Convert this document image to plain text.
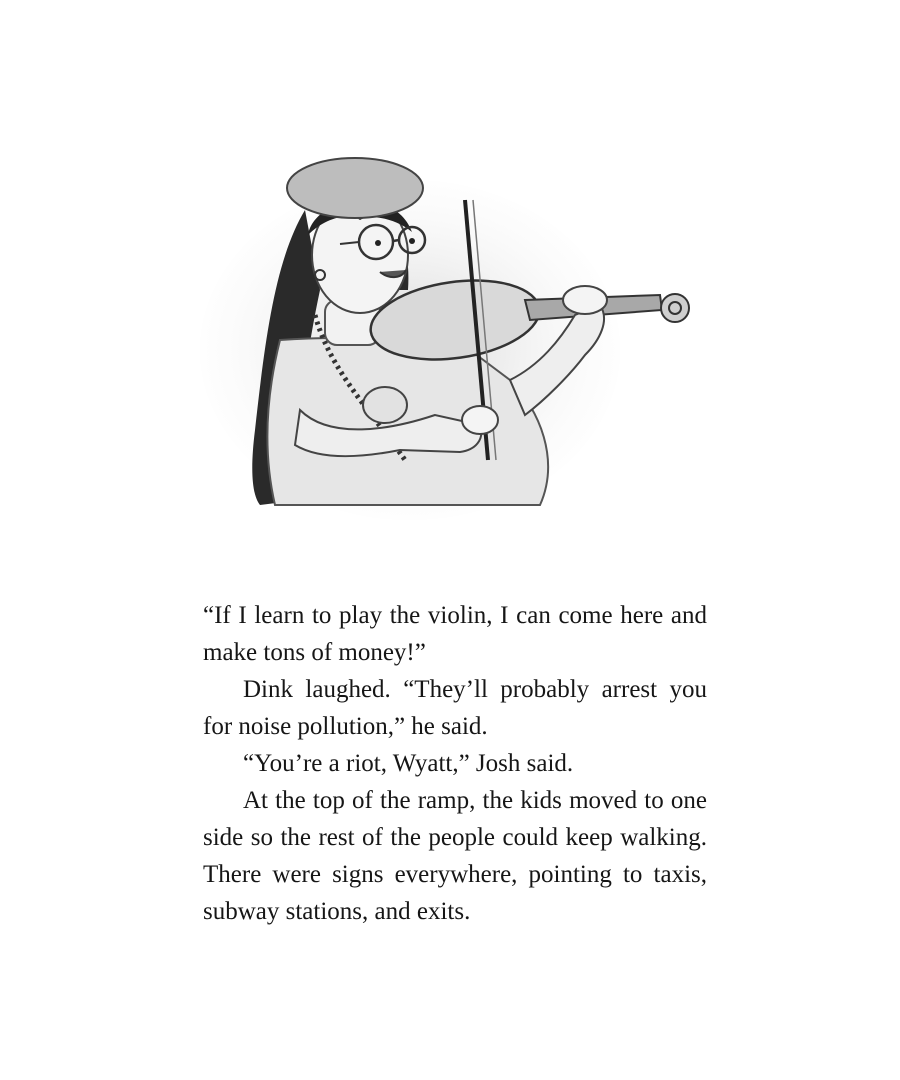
“If I learn to play the violin, I can come here and make tons of money!”

Dink laughed. “They’ll probably arrest you for noise pollution,” he said.

“You’re a riot, Wyatt,” Josh said.

At the top of the ramp, the kids moved to one side so the rest of the people could keep walking. There were signs everywhere, pointing to taxis, subway stations, and exits.
